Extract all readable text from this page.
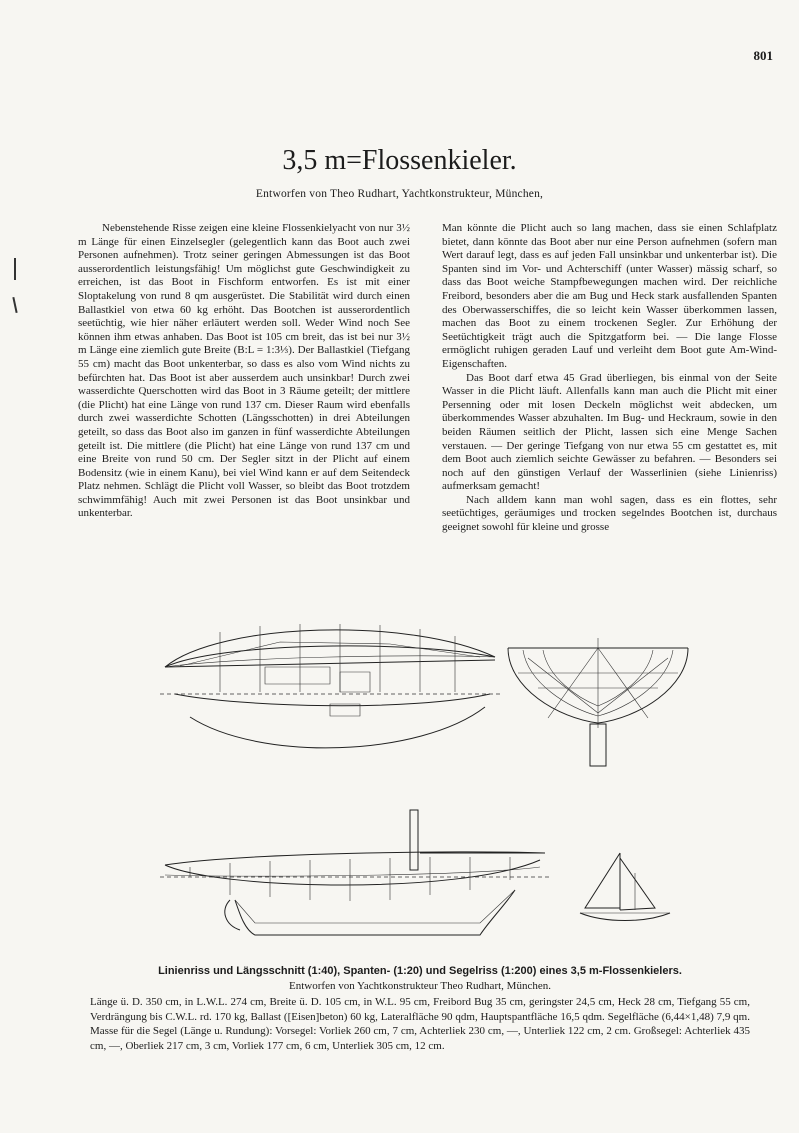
801
3,5 m=Flossenkieler.
Entworfen von Theo Rudhart, Yachtkonstrukteur, München,

Nebenstehende Risse zeigen eine kleine Flossenkielyacht von nur 3½ m Länge für einen Einzelsegler (gelegentlich kann das Boot auch zwei Personen aufnehmen). Trotz seiner geringen Abmessungen ist das Boot ausserordentlich leistungsfähig! Um möglichst gute Geschwindigkeit zu erreichen, ist das Boot in Fischform entworfen. Es ist mit einer Sloptakelung von rund 8 qm ausgerüstet. Die Stabilität wird durch einen Ballastkiel von etwa 60 kg erhöht. Das Bootchen ist ausserordentlich seetüchtig, wie hier näher erläutert werden soll. Weder Wind noch See können ihm etwas anhaben. Das Boot ist 105 cm breit, das ist bei nur 3½ m Länge eine ziemlich gute Breite (B:L = 1:3⅓). Der Ballastkiel (Tiefgang 55 cm) macht das Boot unkenterbar, so dass es also vom Wind nichts zu befürchten hat. Das Boot ist aber ausserdem auch unsinkbar! Durch zwei wasserdichte Querschotten wird das Boot in 3 Räume geteilt; der mittlere (die Plicht) hat eine Länge von rund 137 cm. Dieser Raum wird ebenfalls durch zwei wasserdichte Schotten (Längsschotten) in drei Abteilungen geteilt, so dass das Boot also im ganzen in fünf wasserdichte Abteilungen geteilt ist. Die mittlere (die Plicht) hat eine Länge von rund 137 cm und eine Breite von rund 50 cm. Der Segler sitzt in der Plicht auf einem Bodensitz (wie in einem Kanu), bei viel Wind kann er auf dem Seitendeck Platz nehmen. Schlägt die Plicht voll Wasser, so bleibt das Boot trotzdem schwimmfähig! Auch mit zwei Personen ist das Boot unsinkbar und unkenterbar.

Man könnte die Plicht auch so lang machen, dass sie einen Schlafplatz bietet, dann könnte das Boot aber nur eine Person aufnehmen (sofern man Wert darauf legt, dass es auf jeden Fall unsinkbar und unkenterbar ist). Die Spanten sind im Vor- und Achterschiff (unter Wasser) mässig scharf, so dass das Boot weiche Stampfbewegungen machen wird. Der reichliche Freibord, besonders aber die am Bug und Heck stark ausfallenden Spanten des Oberwasserschiffes, die so leicht kein Wasser überkommen lassen, machen das Boot zu einem trockenen Segler. Zur Erhöhung der Seetüchtigkeit trägt auch die Spitzgatform bei. — Die lange Flosse ermöglicht ruhigen geraden Lauf und verleiht dem Boot gute Am-Wind-Eigenschaften.

Das Boot darf etwa 45 Grad überliegen, bis einmal von der Seite Wasser in die Plicht läuft. Allenfalls kann man auch die Plicht mit einer Persenning oder mit losen Deckeln möglichst weit abdecken, um überkommendes Wasser abzuhalten. Im Bug- und Heckraum, sowie in den beiden Räumen seitlich der Plicht, lassen sich eine Menge Sachen verstauen. — Der geringe Tiefgang von nur etwa 55 cm gestattet es, mit dem Boot auch ziemlich seichte Gewässer zu befahren. — Besonders sei noch auf den günstigen Verlauf der Wasserlinien (siehe Linienriss) aufmerksam gemacht!

Nach alldem kann man wohl sagen, dass es ein flottes, sehr seetüchtiges, geräumiges und trocken segelndes Bootchen ist, durchaus geeignet sowohl für kleine und grosse

Linienriss und Längsschnitt (1:40), Spanten- (1:20) und Segelriss (1:200) eines 3,5 m-Flossenkielers.
Entworfen von Yachtkonstrukteur Theo Rudhart, München.
Länge ü. D. 350 cm, in L.W.L. 274 cm, Breite ü. D. 105 cm, in W.L. 95 cm, Freibord Bug 35 cm, geringster 24,5 cm, Heck 28 cm, Tiefgang 55 cm, Verdrängung bis C.W.L. rd. 170 kg, Ballast ([Eisen]beton) 60 kg, Lateralfläche 90 qdm, Hauptspantfläche 16,5 qdm. Segelfläche (6,44×1,48) 7,9 qm. Masse für die Segel (Länge u. Rundung): Vorsegel: Vorliek 260 cm, 7 cm, Achterliek 230 cm, —, Unterliek 122 cm, 2 cm. Großsegel: Achterliek 435 cm, —, Oberliek 217 cm, 3 cm, Vorliek 177 cm, 6 cm, Unterliek 305 cm, 12 cm.
